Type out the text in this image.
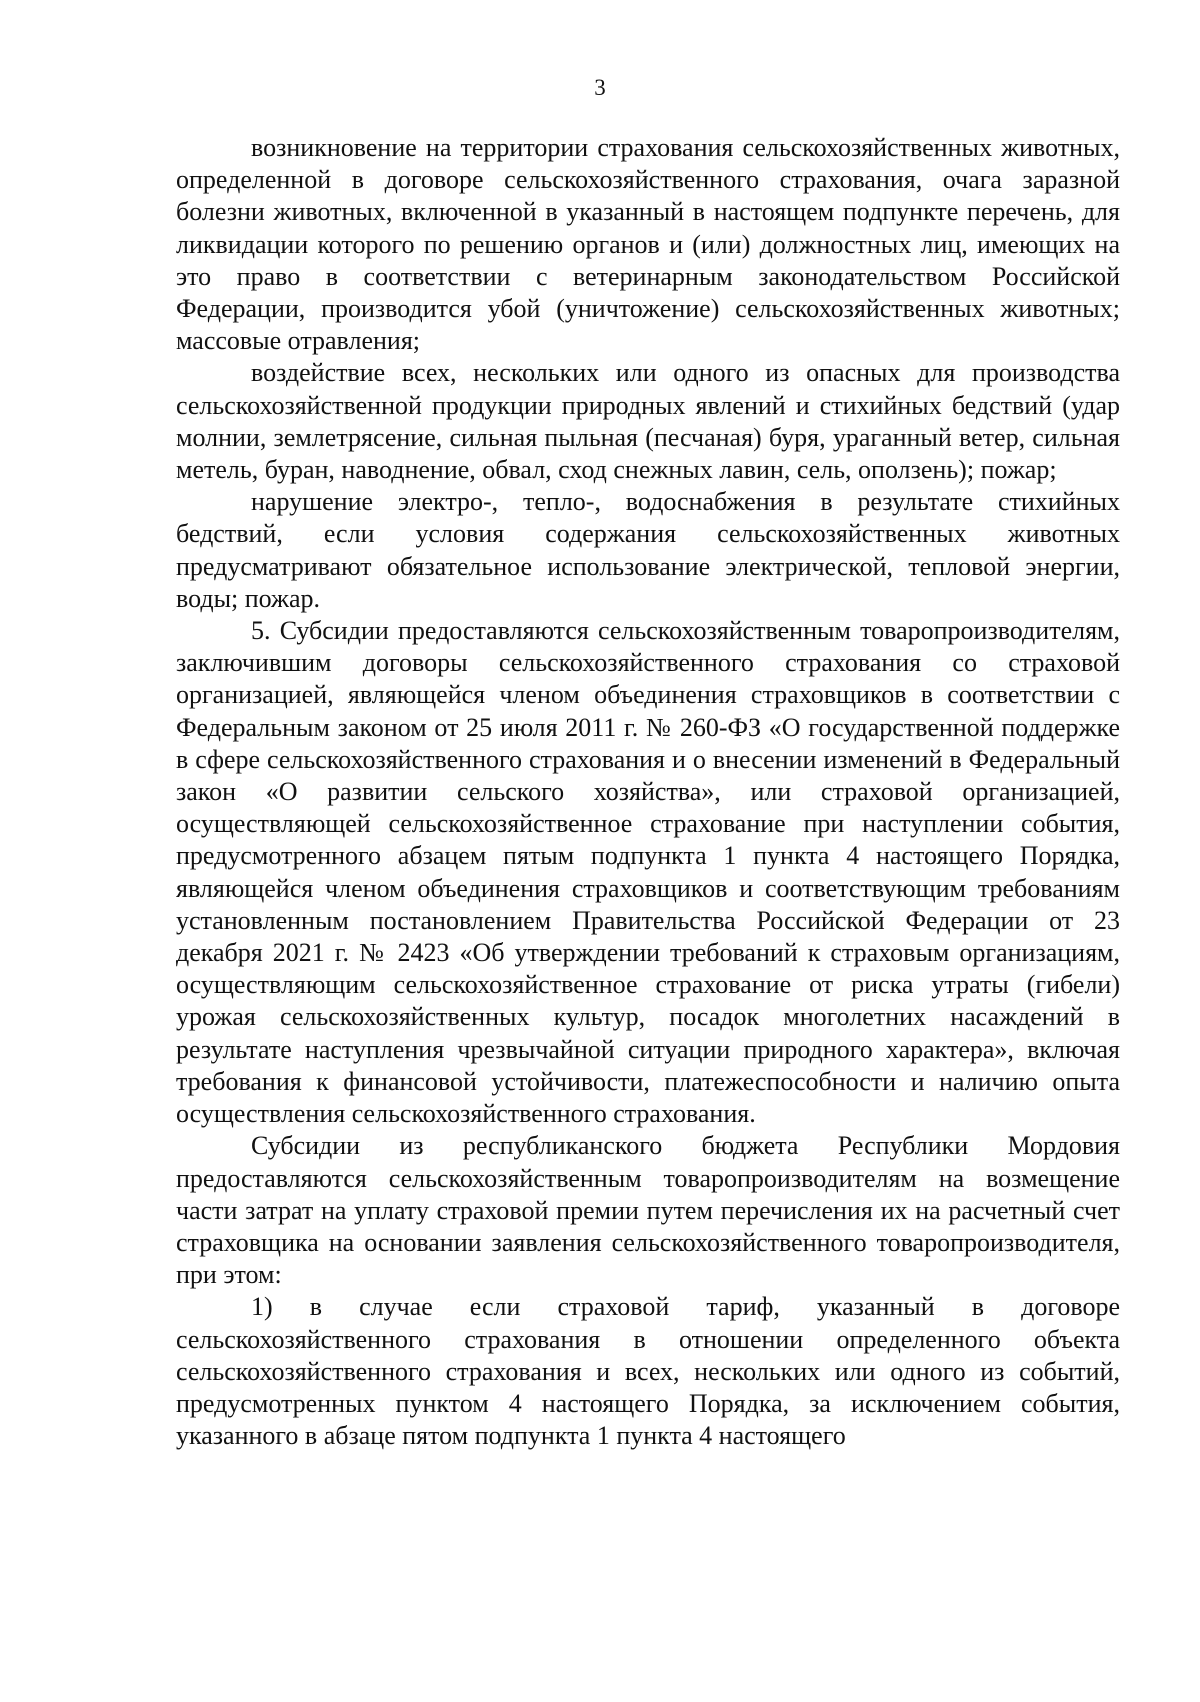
3

возникновение на территории страхования сельскохозяйственных животных, определенной в договоре сельскохозяйственного страхования, очага заразной болезни животных, включенной в указанный в настоящем подпункте перечень, для ликвидации которого по решению органов и (или) должностных лиц, имеющих на это право в соответствии с ветеринарным законодательством Российской Федерации, производится убой (уничтожение) сельскохозяйственных животных; массовые отравления;

воздействие всех, нескольких или одного из опасных для производства сельскохозяйственной продукции природных явлений и стихийных бедствий (удар молнии, землетрясение, сильная пыльная (песчаная) буря, ураганный ветер, сильная метель, буран, наводнение, обвал, сход снежных лавин, сель, оползень); пожар;

нарушение электро-, тепло-, водоснабжения в результате стихийных бедствий, если условия содержания сельскохозяйственных животных предусматривают обязательное использование электрической, тепловой энергии, воды; пожар.

5. Субсидии предоставляются сельскохозяйственным товаропроизводителям, заключившим договоры сельскохозяйственного страхования со страховой организацией, являющейся членом объединения страховщиков в соответствии с Федеральным законом от 25 июля 2011 г. № 260-ФЗ «О государственной поддержке в сфере сельскохозяйственного страхования и о внесении изменений в Федеральный закон «О развитии сельского хозяйства», или страховой организацией, осуществляющей сельскохозяйственное страхование при наступлении события, предусмотренного абзацем пятым подпункта 1 пункта 4 настоящего Порядка, являющейся членом объединения страховщиков и соответствующим требованиям установленным постановлением Правительства Российской Федерации от 23 декабря 2021 г. № 2423 «Об утверждении требований к страховым организациям, осуществляющим сельскохозяйственное страхование от риска утраты (гибели) урожая сельскохозяйственных культур, посадок многолетних насаждений в результате наступления чрезвычайной ситуации природного характера», включая требования к финансовой устойчивости, платежеспособности и наличию опыта осуществления сельскохозяйственного страхования.

Субсидии из республиканского бюджета Республики Мордовия предоставляются сельскохозяйственным товаропроизводителям на возмещение части затрат на уплату страховой премии путем перечисления их на расчетный счет страховщика на основании заявления сельскохозяйственного товаропроизводителя, при этом:

1) в случае если страховой тариф, указанный в договоре сельскохозяйственного страхования в отношении определенного объекта сельскохозяйственного страхования и всех, нескольких или одного из событий, предусмотренных пунктом 4 настоящего Порядка, за исключением события, указанного в абзаце пятом подпункта 1 пункта 4 настоящего
